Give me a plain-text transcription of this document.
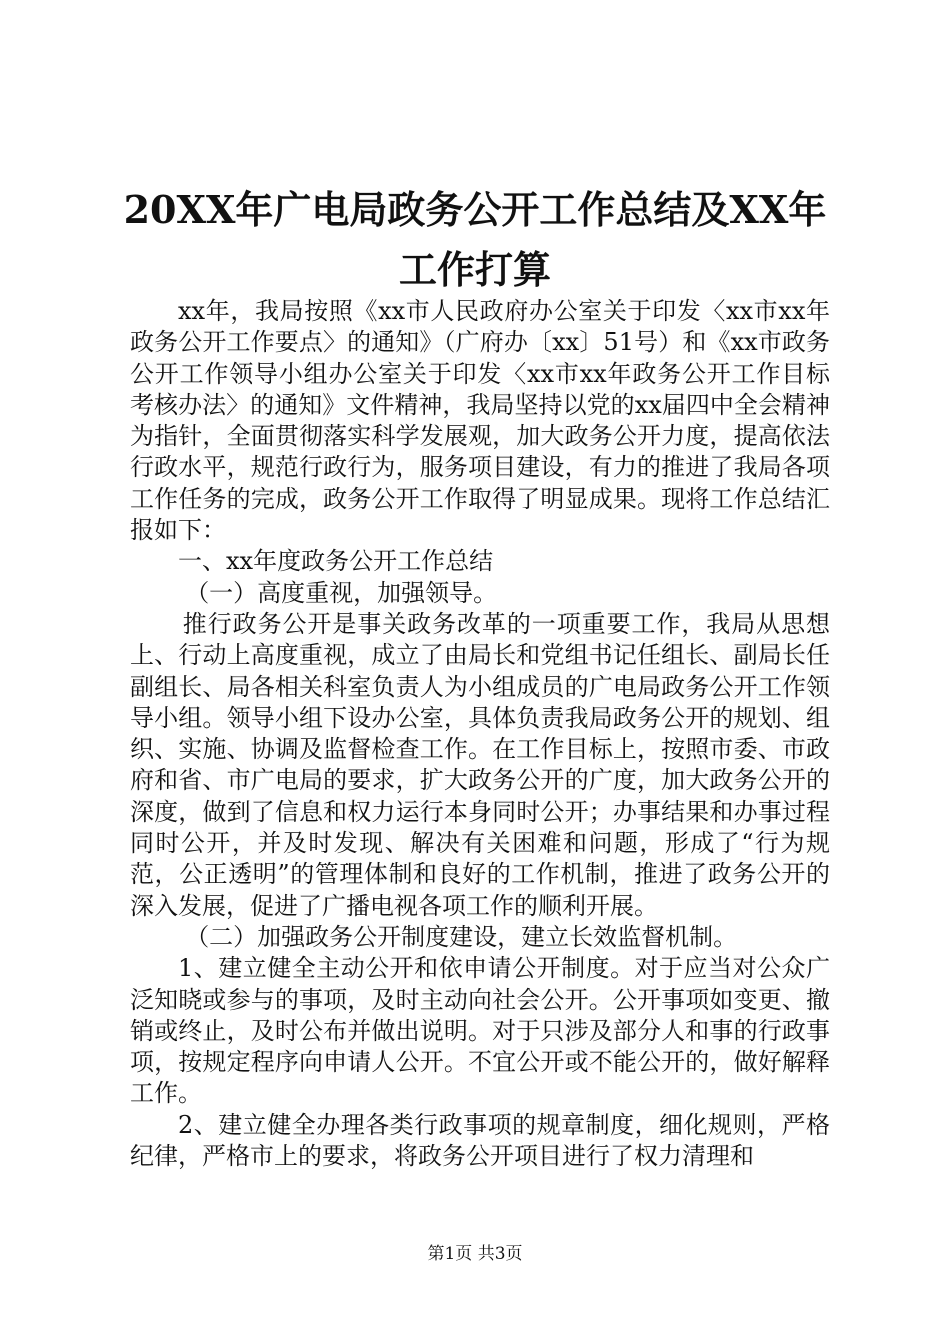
20XX年广电局政务公开工作总结及XX年工作打算

xx年，我局按照《xx市人民政府办公室关于印发〈xx市xx年政务公开工作要点〉的通知》（广府办〔xx〕51号）和《xx市政务公开工作领导小组办公室关于印发〈xx市xx年政务公开工作目标考核办法〉的通知》文件精神，我局坚持以党的xx届四中全会精神为指针，全面贯彻落实科学发展观，加大政务公开力度，提高依法行政水平，规范行政行为，服务项目建设，有力的推进了我局各项工作任务的完成，政务公开工作取得了明显成果。现将工作总结汇报如下：

一、xx年度政务公开工作总结

（一）高度重视，加强领导。

推行政务公开是事关政务改革的一项重要工作，我局从思想上、行动上高度重视，成立了由局长和党组书记任组长、副局长任副组长、局各相关科室负责人为小组成员的广电局政务公开工作领导小组。领导小组下设办公室，具体负责我局政务公开的规划、组织、实施、协调及监督检查工作。在工作目标上，按照市委、市政府和省、市广电局的要求，扩大政务公开的广度，加大政务公开的深度，做到了信息和权力运行本身同时公开；办事结果和办事过程同时公开，并及时发现、解决有关困难和问题，形成了“行为规范，公正透明”的管理体制和良好的工作机制，推进了政务公开的深入发展，促进了广播电视各项工作的顺利开展。

（二）加强政务公开制度建设，建立长效监督机制。

1、建立健全主动公开和依申请公开制度。对于应当对公众广泛知晓或参与的事项，及时主动向社会公开。公开事项如变更、撤销或终止，及时公布并做出说明。对于只涉及部分人和事的行政事项，按规定程序向申请人公开。不宜公开或不能公开的，做好解释工作。

2、建立健全办理各类行政事项的规章制度，细化规则，严格纪律，严格市上的要求，将政务公开项目进行了权力清理和

第1页 共3页
